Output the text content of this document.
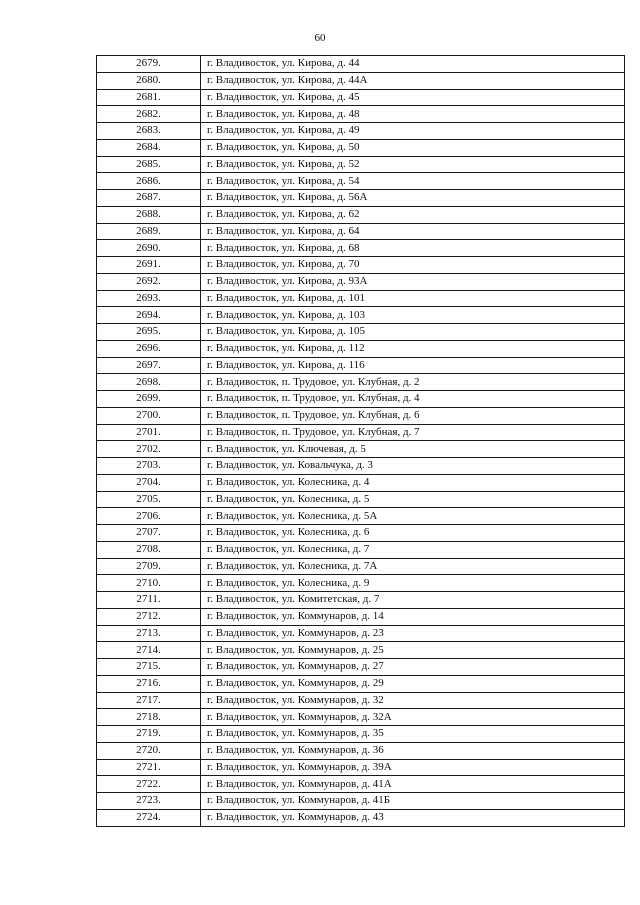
60
2679.	г. Владивосток, ул. Кирова, д. 44
2680.	г. Владивосток, ул. Кирова, д. 44А
2681.	г. Владивосток, ул. Кирова, д. 45
2682.	г. Владивосток, ул. Кирова, д. 48
2683.	г. Владивосток, ул. Кирова, д. 49
2684.	г. Владивосток, ул. Кирова, д. 50
2685.	г. Владивосток, ул. Кирова, д. 52
2686.	г. Владивосток, ул. Кирова, д. 54
2687.	г. Владивосток, ул. Кирова, д. 56А
2688.	г. Владивосток, ул. Кирова, д. 62
2689.	г. Владивосток, ул. Кирова, д. 64
2690.	г. Владивосток, ул. Кирова, д. 68
2691.	г. Владивосток, ул. Кирова, д. 70
2692.	г. Владивосток, ул. Кирова, д. 93А
2693.	г. Владивосток, ул. Кирова, д. 101
2694.	г. Владивосток, ул. Кирова, д. 103
2695.	г. Владивосток, ул. Кирова, д. 105
2696.	г. Владивосток, ул. Кирова, д. 112
2697.	г. Владивосток, ул. Кирова, д. 116
2698.	г. Владивосток, п. Трудовое, ул. Клубная, д. 2
2699.	г. Владивосток, п. Трудовое, ул. Клубная, д. 4
2700.	г. Владивосток, п. Трудовое, ул. Клубная, д. 6
2701.	г. Владивосток, п. Трудовое, ул. Клубная, д. 7
2702.	г. Владивосток, ул. Ключевая, д. 5
2703.	г. Владивосток, ул. Ковальчука, д. 3
2704.	г. Владивосток, ул. Колесника, д. 4
2705.	г. Владивосток, ул. Колесника, д. 5
2706.	г. Владивосток, ул. Колесника, д. 5А
2707.	г. Владивосток, ул. Колесника, д. 6
2708.	г. Владивосток, ул. Колесника, д. 7
2709.	г. Владивосток, ул. Колесника, д. 7А
2710.	г. Владивосток, ул. Колесника, д. 9
2711.	г. Владивосток, ул. Комитетская, д. 7
2712.	г. Владивосток, ул. Коммунаров, д. 14
2713.	г. Владивосток, ул. Коммунаров, д. 23
2714.	г. Владивосток, ул. Коммунаров, д. 25
2715.	г. Владивосток, ул. Коммунаров, д. 27
2716.	г. Владивосток, ул. Коммунаров, д. 29
2717.	г. Владивосток, ул. Коммунаров, д. 32
2718.	г. Владивосток, ул. Коммунаров, д. 32А
2719.	г. Владивосток, ул. Коммунаров, д. 35
2720.	г. Владивосток, ул. Коммунаров, д. 36
2721.	г. Владивосток, ул. Коммунаров, д. 39А
2722.	г. Владивосток, ул. Коммунаров, д. 41А
2723.	г. Владивосток, ул. Коммунаров, д. 41Б
2724.	г. Владивосток, ул. Коммунаров, д. 43
